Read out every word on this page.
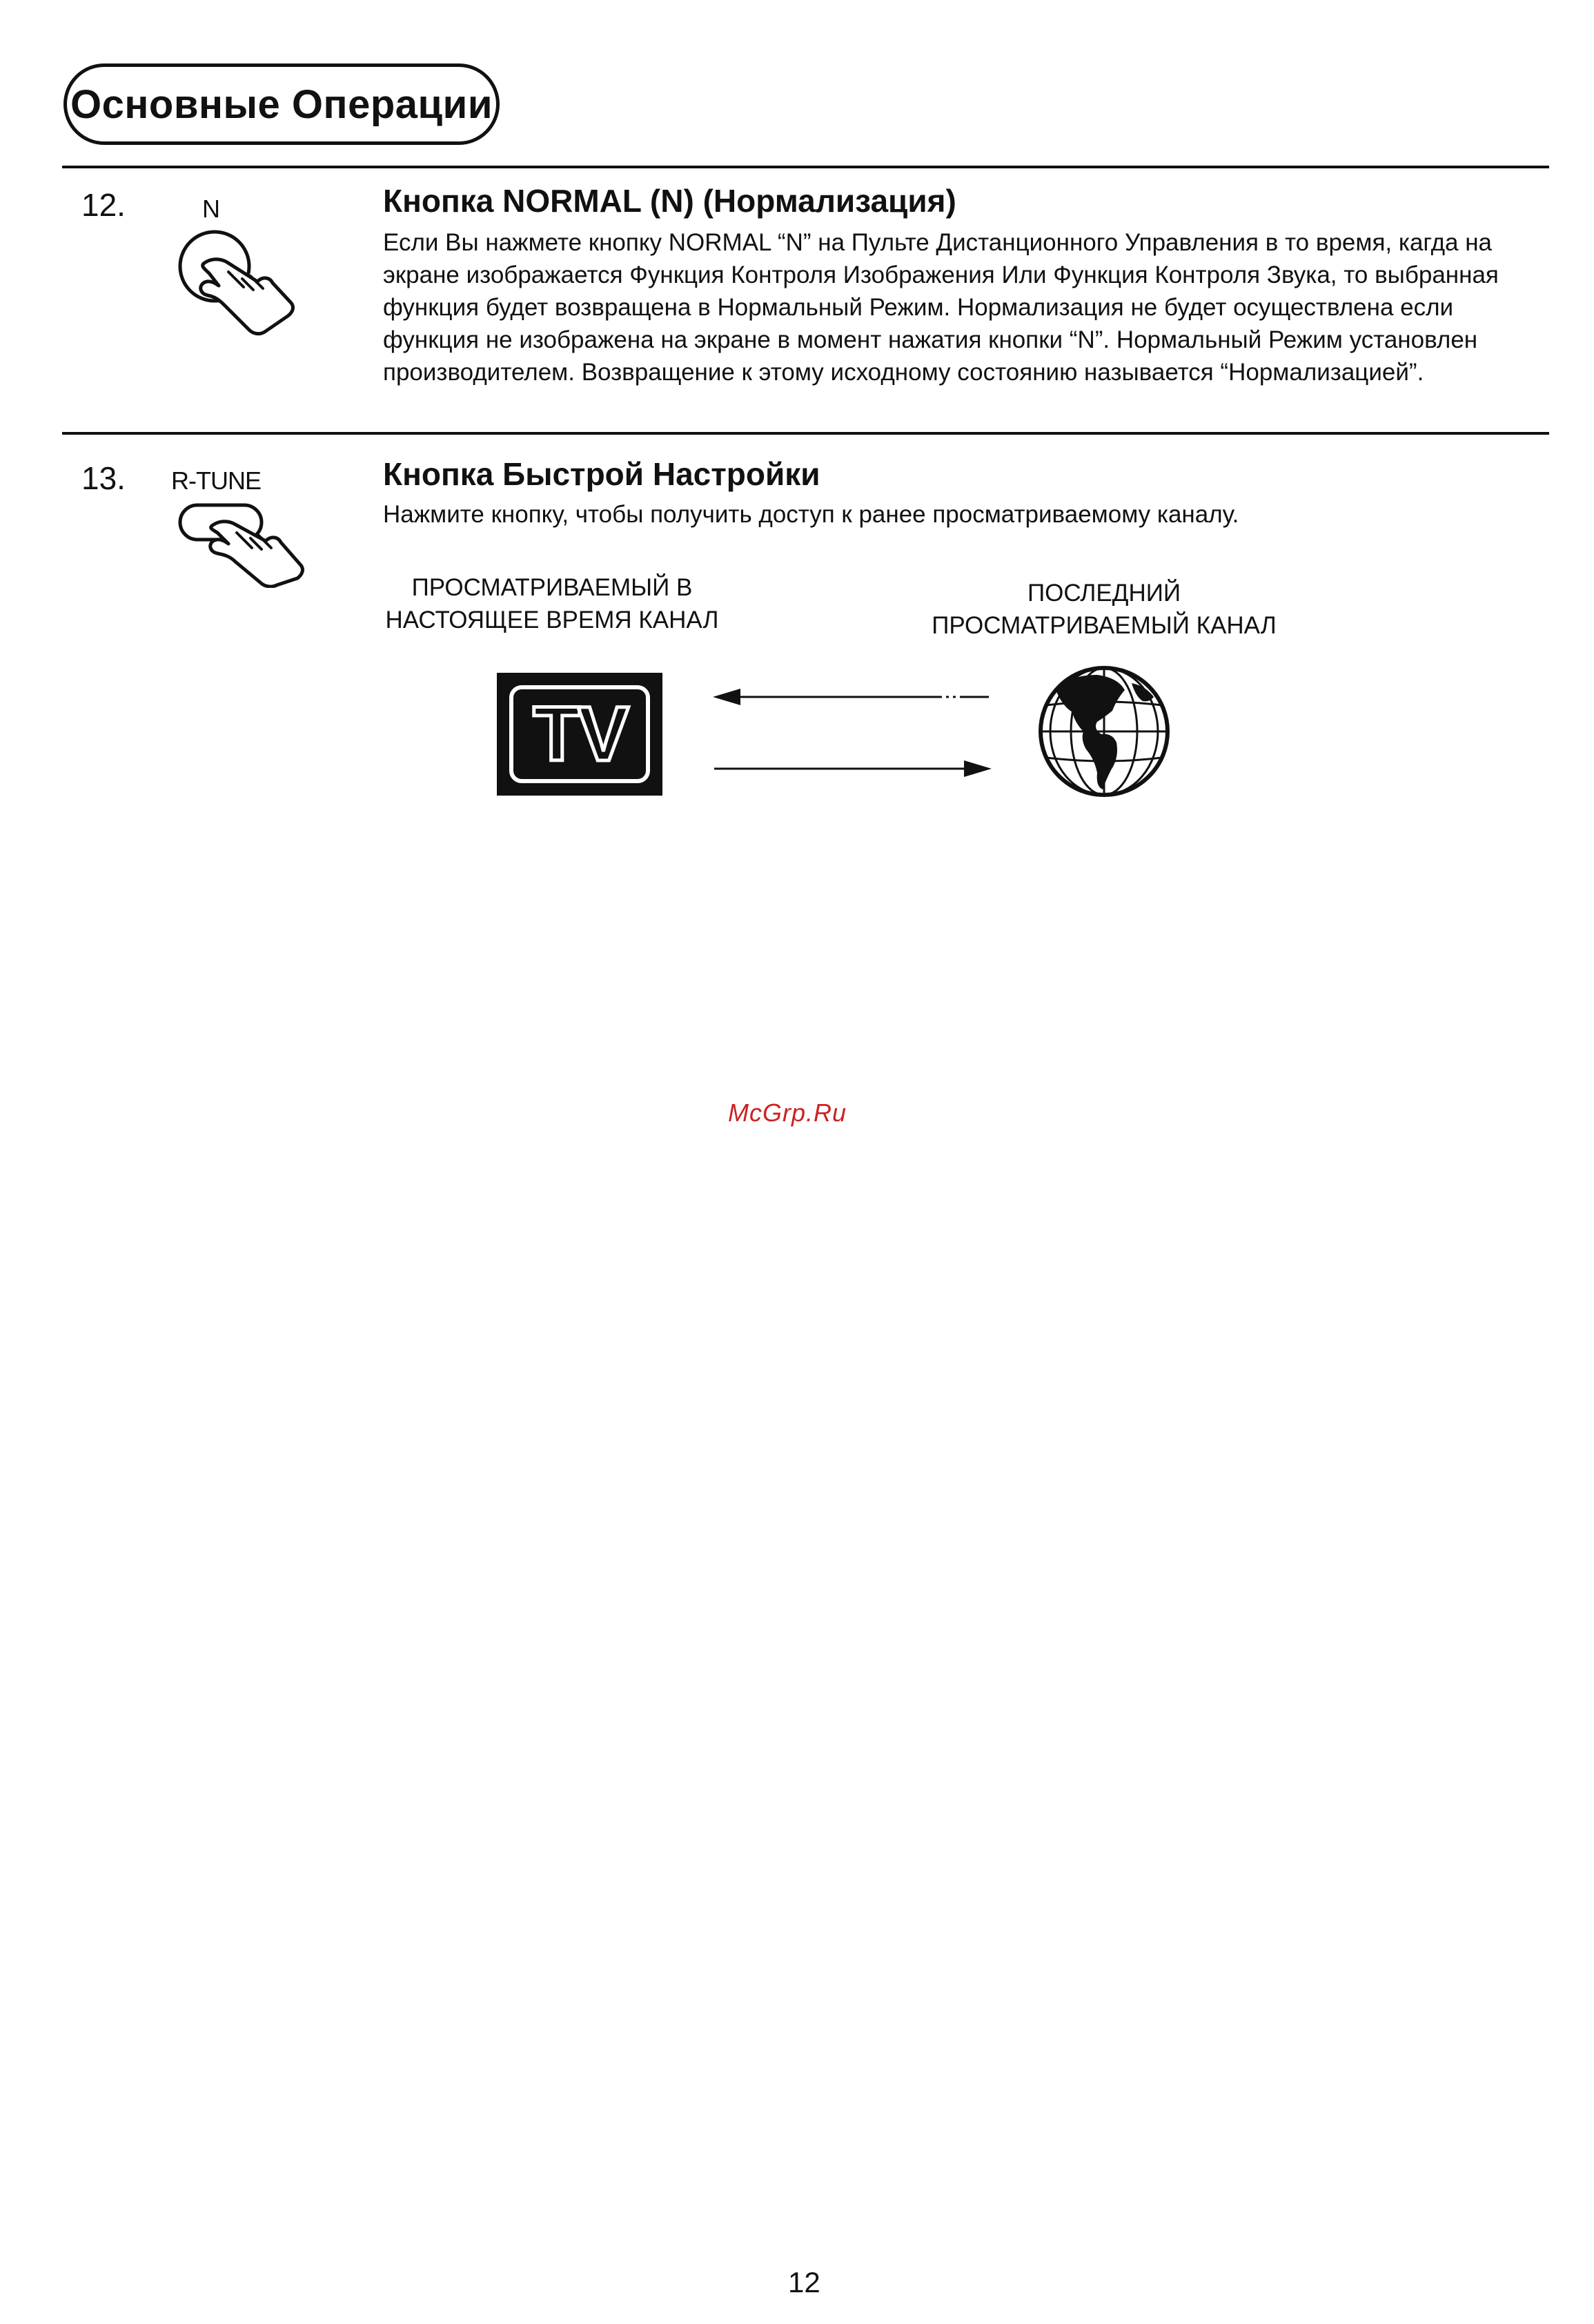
Основные Операции
12.	N	Кнопка NORMAL (N) (Нормализация)
Если Вы нажмете кнопку NORMAL “N” на Пульте Дистанционного Управления в то время, кагда на
экране изображается Функция Контроля Изображения Или Функция Контроля Звука, то выбранная
функция будет возвращена в Нормальный Режим. Нормализация не будет осуществлена если
функция не изображена на экране в момент нажатия кнопки “N”. Нормальный Режим установлен
производителем. Возвращение к этому исходному состоянию называется “Нормализацией”.
13. R-TUNE	Кнопка Быстрой Настройки
Нажмите кнопку, чтобы получить доступ к ранее просматриваемому каналу.
ПРОСМАТРИВАЕМЫЙ В
НАСТОЯЩЕЕ ВРЕМЯ КАНАЛ
ПОСЛЕДНИЙ
ПРОСМАТРИВАЕМЫЙ КАНАЛ
TV
McGrp.Ru
12
